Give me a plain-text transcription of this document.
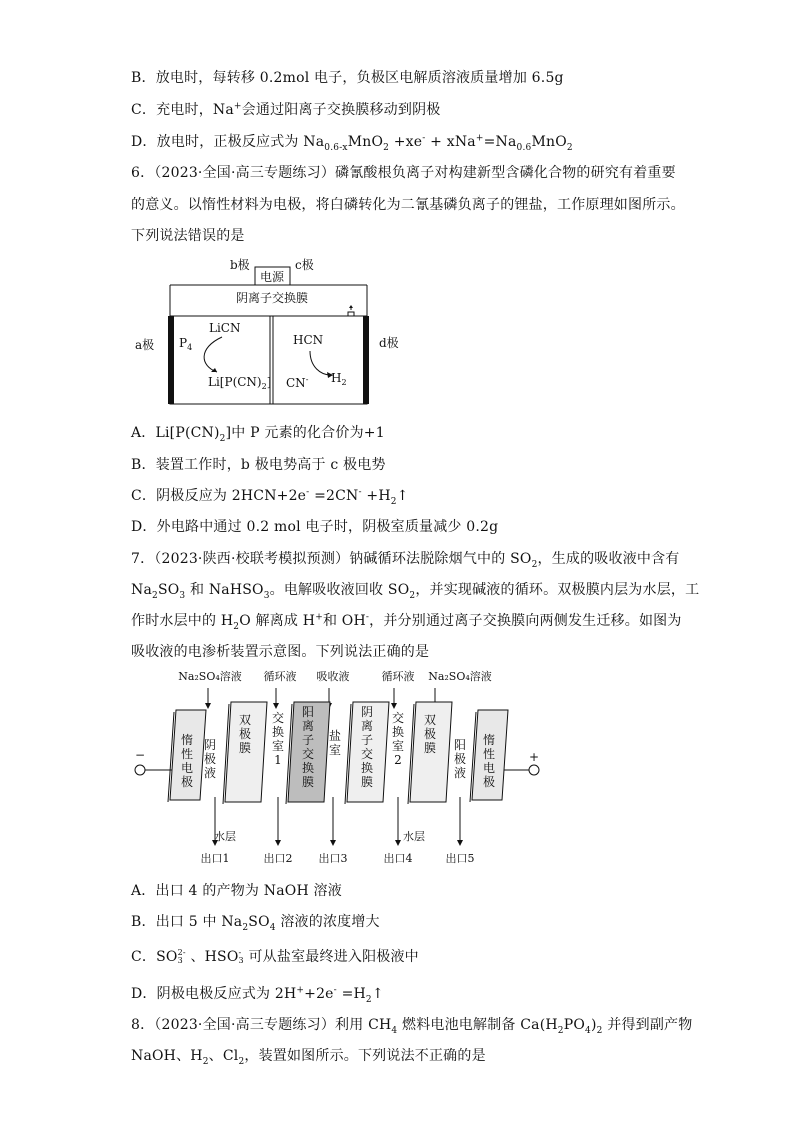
B．放电时，每转移 0.2mol 电子，负极区电解质溶液质量增加 6.5g
C．充电时，Na+会通过阳离子交换膜移动到阴极
D．放电时，正极反应式为 $Na_{0.6-x}MnO_2 +xe^- + xNa^+=Na_{0.6}MnO_2$
6．（2023·全国·高三专题练习）磷氰酸根负离子对构建新型含磷化合物的研究有着重要
的意义。以惰性材料为电极，将白磷转化为二氰基磷负离子的锂盐，工作原理如图所示。
下列说法错误的是
电源
b极	c极
阴离子交换膜
a极	d极
LiCN
$P_4$
$Li[P(CN)_2]$
HCN
CN- $H_2$
A．$Li[P(CN)_2]$中 P 元素的化合价为+1
B．装置工作时，b 极电势高于 c 极电势
C．阴极反应为 $2HCN+2e^- =2CN^- +H_2↑$
D．外电路中通过 0.2 mol 电子时，阴极室质量减少 0.2g
7．（2023·陕西·校联考模拟预测）钠碱循环法脱除烟气中的 $SO_2$，生成的吸收液中含有
$Na_2SO_3$ 和 NaHSO$_3$。电解吸收液回收 $SO_2$，并实现碱液的循环。双极膜内层为水层，工
作时水层中的 $H_2O$ 解离成 H+和 OH-，并分别通过离子交换膜向两侧发生迁移。如图为
吸收液的电渗析装置示意图。下列说法正确的是
Na₂SO₄溶液 循环液 吸收液	循环液 Na₂SO₄溶液
−	+
惰
性
电
极
阴
极
液
双
极
膜
交
换
室
1
阳
离
子
交
换
膜
盐
室
阴
离
子
交
换
膜
交
换
室
2
双
极
膜 阳
极
液
惰
性
电
极
水层	水层
出口1	出口2 出口3	出口4	出口5
A．出口 4 的产物为 NaOH 溶液
B．出口 5 中 $Na_2SO_4$ 溶液的浓度增大
C．SO 2-
3 、HSO -
3 可从盐室最终进入阳极液中
D．阴极电极反应式为 $2H^++2e^- =H_2↑$
8．（2023·全国·高三专题练习）利用 $CH_4$ 燃料电池电解制备 $Ca(H_2PO_4)_2$ 并得到副产物
NaOH、$H_2$、$Cl_2$，装置如图所示。下列说法不正确的是
